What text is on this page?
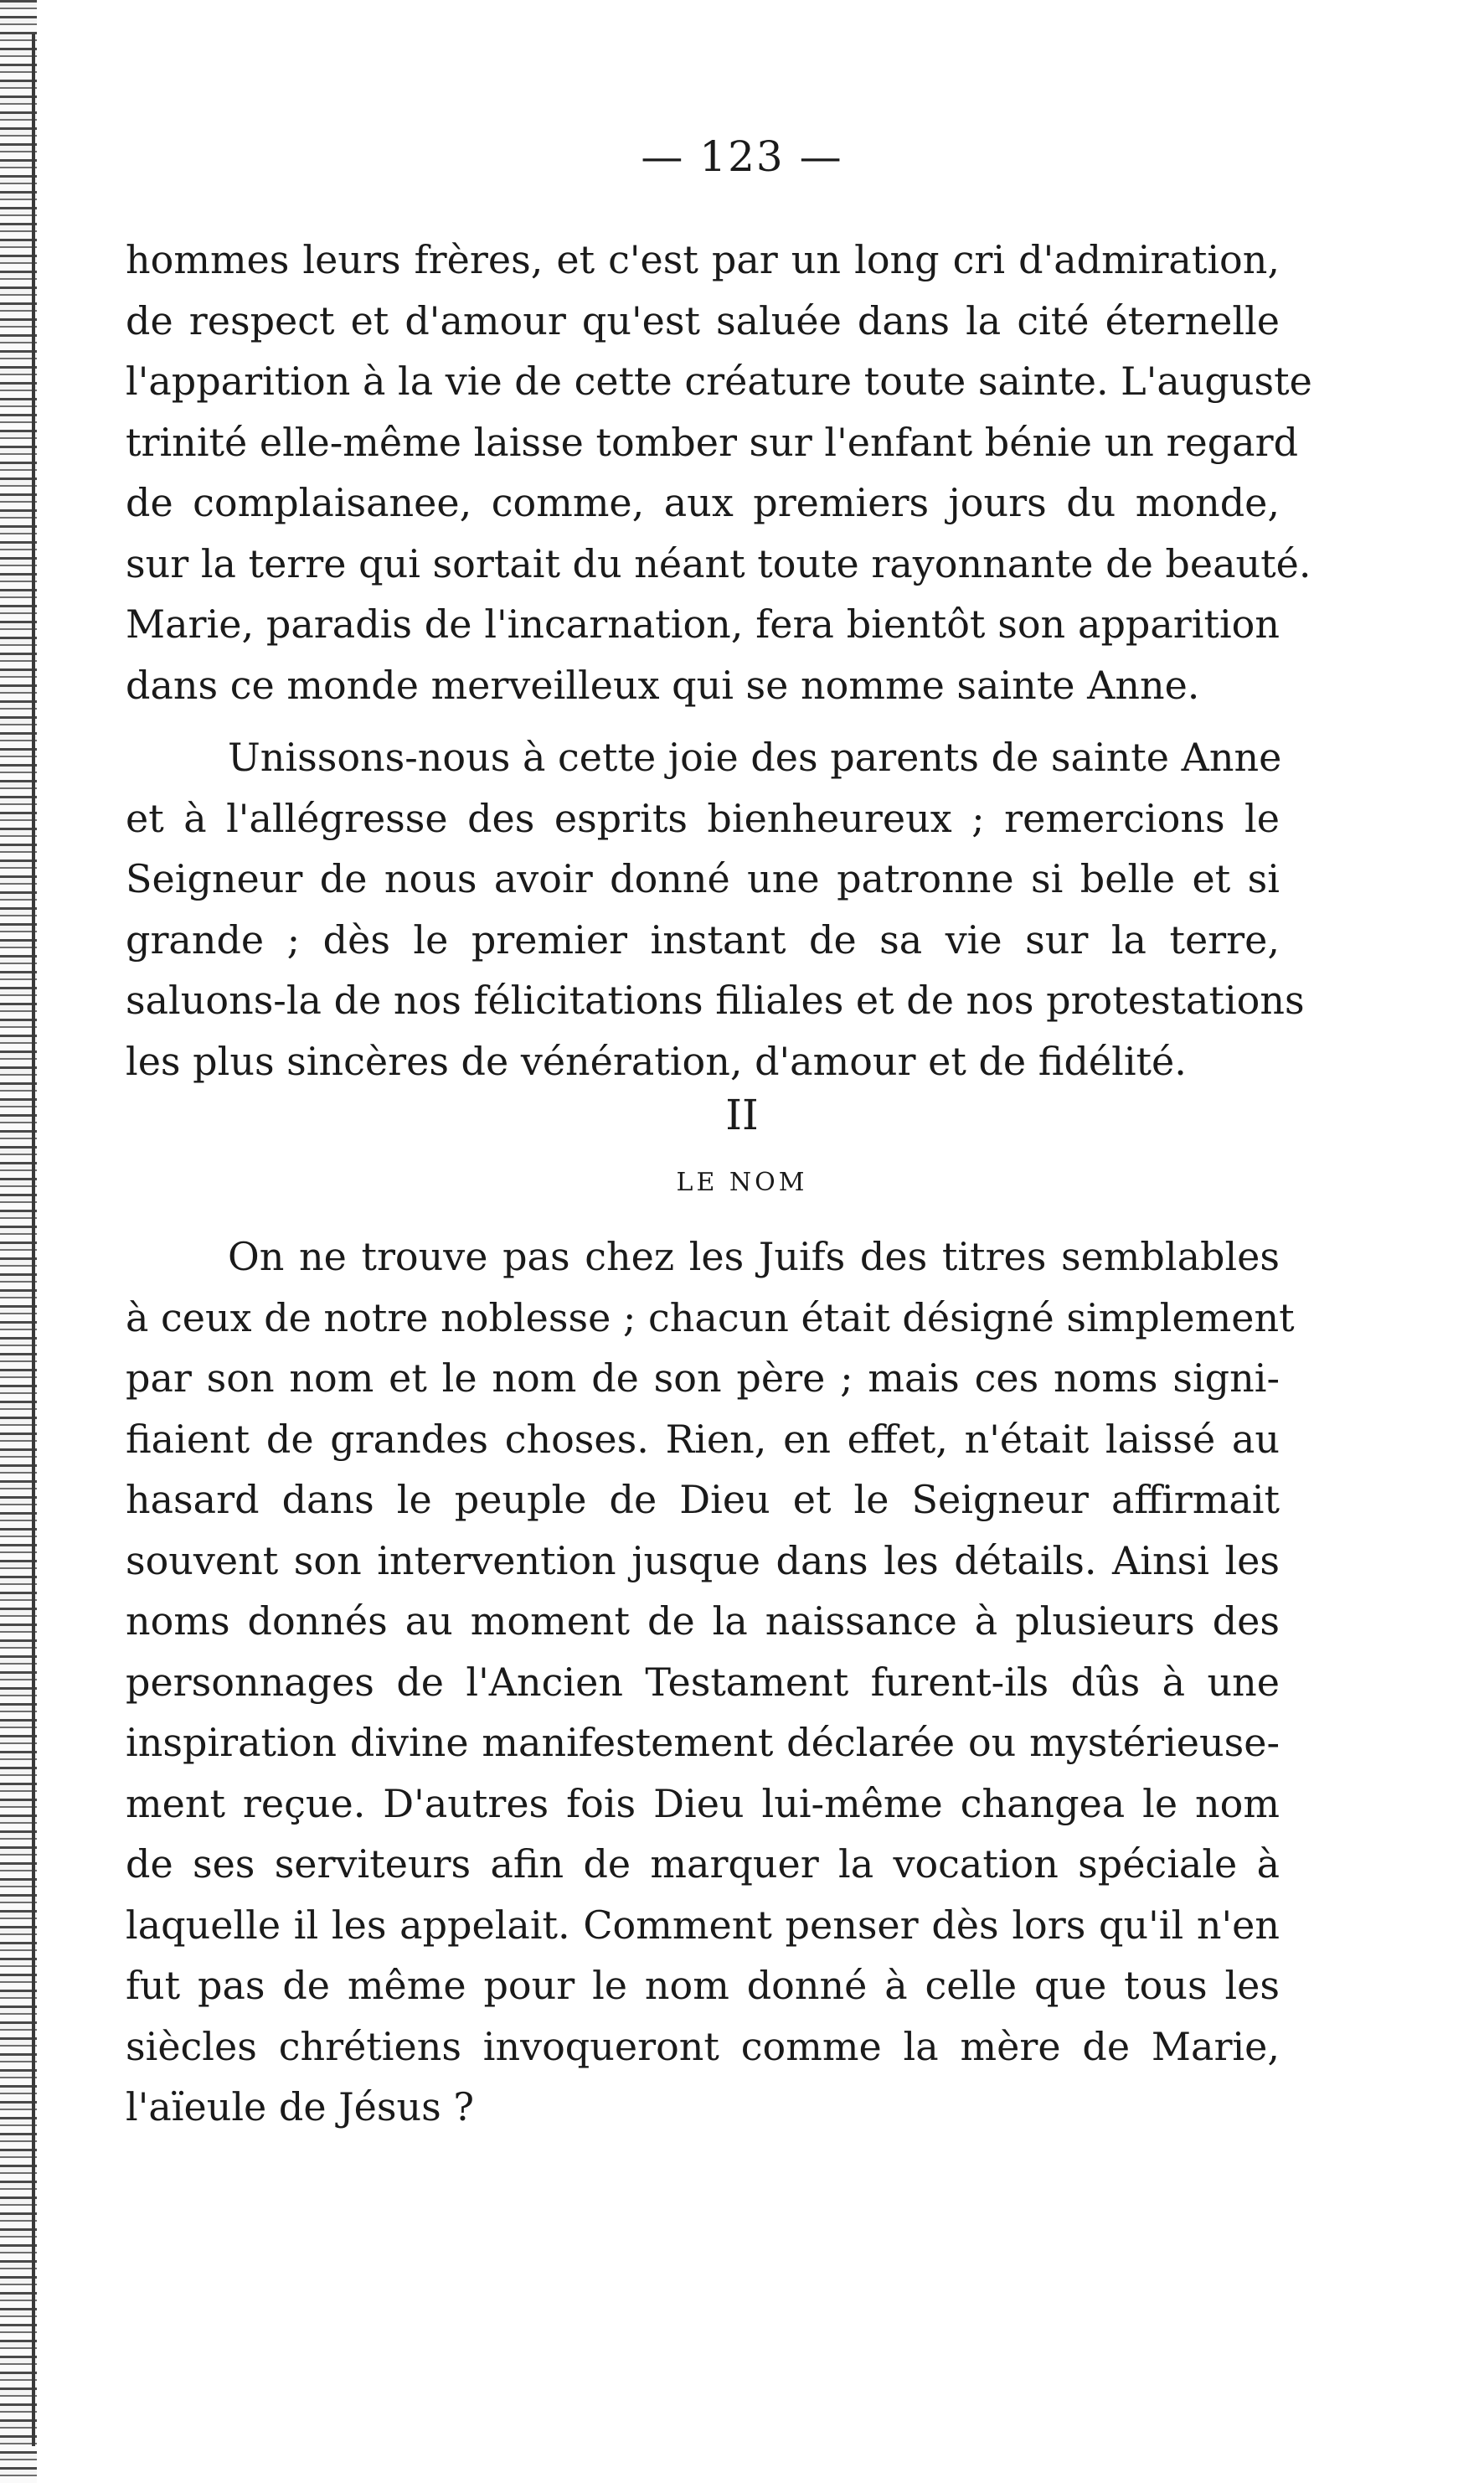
— 123 —
hommes leurs frères, et c'est par un long cri d'admiration,
de respect et d'amour qu'est saluée dans la cité éternelle
l'apparition à la vie de cette créature toute sainte. L'auguste
trinité elle-même laisse tomber sur l'enfant bénie un regard
de complaisanee, comme, aux premiers jours du monde,
sur la terre qui sortait du néant toute rayonnante de beauté.
Marie, paradis de l'incarnation, fera bientôt son apparition
dans ce monde merveilleux qui se nomme sainte Anne.
Unissons-nous à cette joie des parents de sainte Anne
et à l'allégresse des esprits bienheureux ; remercions le
Seigneur de nous avoir donné une patronne si belle et si
grande ; dès le premier instant de sa vie sur la terre,
saluons-la de nos félicitations filiales et de nos protestations
les plus sincères de vénération, d'amour et de fidélité.
II
LE NOM
On ne trouve pas chez les Juifs des titres semblables
à ceux de notre noblesse ; chacun était désigné simplement
par son nom et le nom de son père ; mais ces noms signi-
fiaient de grandes choses. Rien, en effet, n'était laissé au
hasard dans le peuple de Dieu et le Seigneur affirmait
souvent son intervention jusque dans les détails. Ainsi les
noms donnés au moment de la naissance à plusieurs des
personnages de l'Ancien Testament furent-ils dûs à une
inspiration divine manifestement déclarée ou mystérieuse-
ment reçue. D'autres fois Dieu lui-même changea le nom
de ses serviteurs afin de marquer la vocation spéciale à
laquelle il les appelait. Comment penser dès lors qu'il n'en
fut pas de même pour le nom donné à celle que tous les
siècles chrétiens invoqueront comme la mère de Marie,
l'aïeule de Jésus ?
